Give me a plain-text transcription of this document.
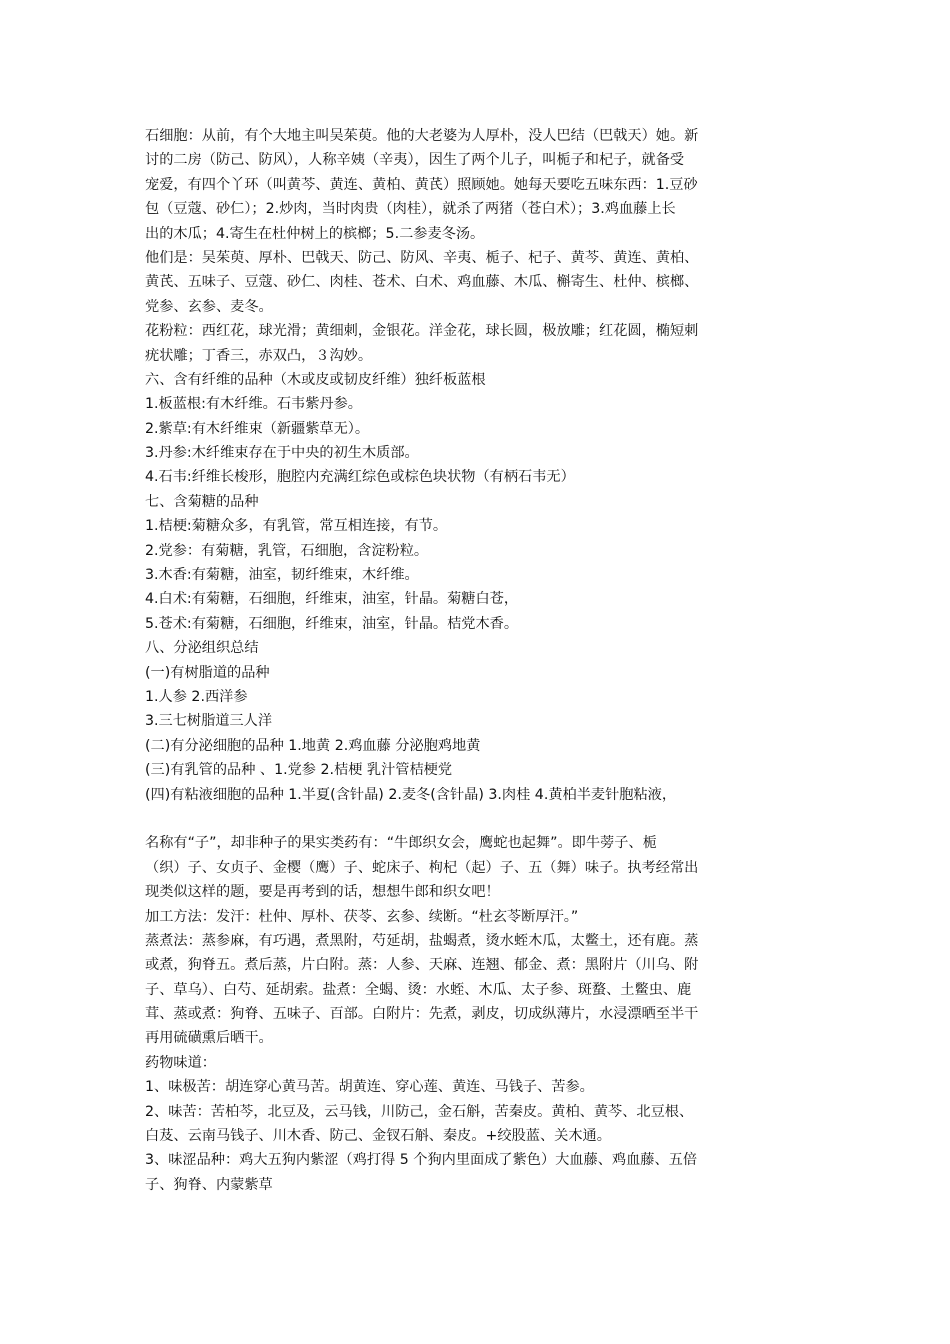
石细胞：从前，有个大地主叫吴茱萸。他的大老婆为人厚朴，没人巴结（巴戟天）她。新
讨的二房（防己、防风），人称辛姨（辛夷），因生了两个儿子，叫栀子和杞子，就备受
宠爱，有四个丫环（叫黄芩、黄连、黄柏、黄芪）照顾她。她每天要吃五味东西：1.豆砂
包（豆蔻、砂仁）；2.炒肉，当时肉贵（肉桂），就杀了两猪（苍白术）；3.鸡血藤上长
出的木瓜；4.寄生在杜仲树上的槟榔；5.二参麦冬汤。
他们是：吴茱萸、厚朴、巴戟天、防己、防风、辛夷、栀子、杞子、黄芩、黄连、黄柏、
黄芪、五味子、豆蔻、砂仁、肉桂、苍术、白术、鸡血藤、木瓜、槲寄生、杜仲、槟榔、
党参、玄参、麦冬。
花粉粒：西红花，球光滑；黄细刺，金银花。洋金花，球长圆，极放雕；红花圆，椭短刺
疣状雕；丁香三，赤双凸，３沟妙。
六、含有纤维的品种（木或皮或韧皮纤维）独纤板蓝根
1.板蓝根:有木纤维。石韦紫丹参。
2.紫草:有木纤维束（新疆紫草无）。
3.丹参:木纤维束存在于中央的初生木质部。
4.石韦:纤维长梭形，胞腔内充满红综色或棕色块状物（有柄石韦无）
七、含菊糖的品种
1.桔梗:菊糖众多，有乳管，常互相连接，有节。
2.党参：有菊糖，乳管，石细胞，含淀粉粒。
3.木香:有菊糖，油室，韧纤维束，木纤维。
4.白术:有菊糖，石细胞，纤维束，油室，针晶。菊糖白苍，
5.苍术:有菊糖，石细胞，纤维束，油室，针晶。桔党木香。
八、分泌组织总结
(一)有树脂道的品种
1.人参 2.西洋参
3.三七树脂道三人洋
(二)有分泌细胞的品种 1.地黄 2.鸡血藤 分泌胞鸡地黄
(三)有乳管的品种 、1.党参 2.桔梗 乳汁管桔梗党
(四)有粘液细胞的品种 1.半夏(含针晶) 2.麦冬(含针晶) 3.肉桂 4.黄柏半麦针胞粘液，
名称有“子”，却非种子的果实类药有：“牛郎织女会，鹰蛇也起舞”。即牛蒡子、栀
（织）子、女贞子、金樱（鹰）子、蛇床子、枸杞（起）子、五（舞）味子。执考经常出
现类似这样的题，要是再考到的话，想想牛郎和织女吧！
加工方法：发汗：杜仲、厚朴、茯苓、玄参、续断。“杜玄苓断厚汗。”
蒸煮法：蒸参麻，有巧遇，煮黑附，芍延胡，盐蝎煮，烫水蛭木瓜，太鳖土，还有鹿。蒸
或煮，狗脊五。煮后蒸，片白附。蒸：人参、天麻、连翘、郁金、煮：黑附片（川乌、附
子、草乌）、白芍、延胡索。盐煮：全蝎、烫：水蛭、木瓜、太子参、斑蝥、土鳖虫、鹿
茸、蒸或煮：狗脊、五味子、百部。白附片：先煮，剥皮，切成纵薄片，水浸漂晒至半干
再用硫磺熏后晒干。
药物味道：
1、味极苦：胡连穿心黄马苦。胡黄连、穿心莲、黄连、马钱子、苦参。
2、味苦：苦柏芩，北豆及，云马钱，川防己，金石斛，苦秦皮。黄柏、黄芩、北豆根、
白芨、云南马钱子、川木香、防己、金钗石斛、秦皮。+绞股蓝、关木通。
3、味涩品种：鸡大五狗内紫涩（鸡打得 5 个狗内里面成了紫色）大血藤、鸡血藤、五倍
子、狗脊、内蒙紫草
